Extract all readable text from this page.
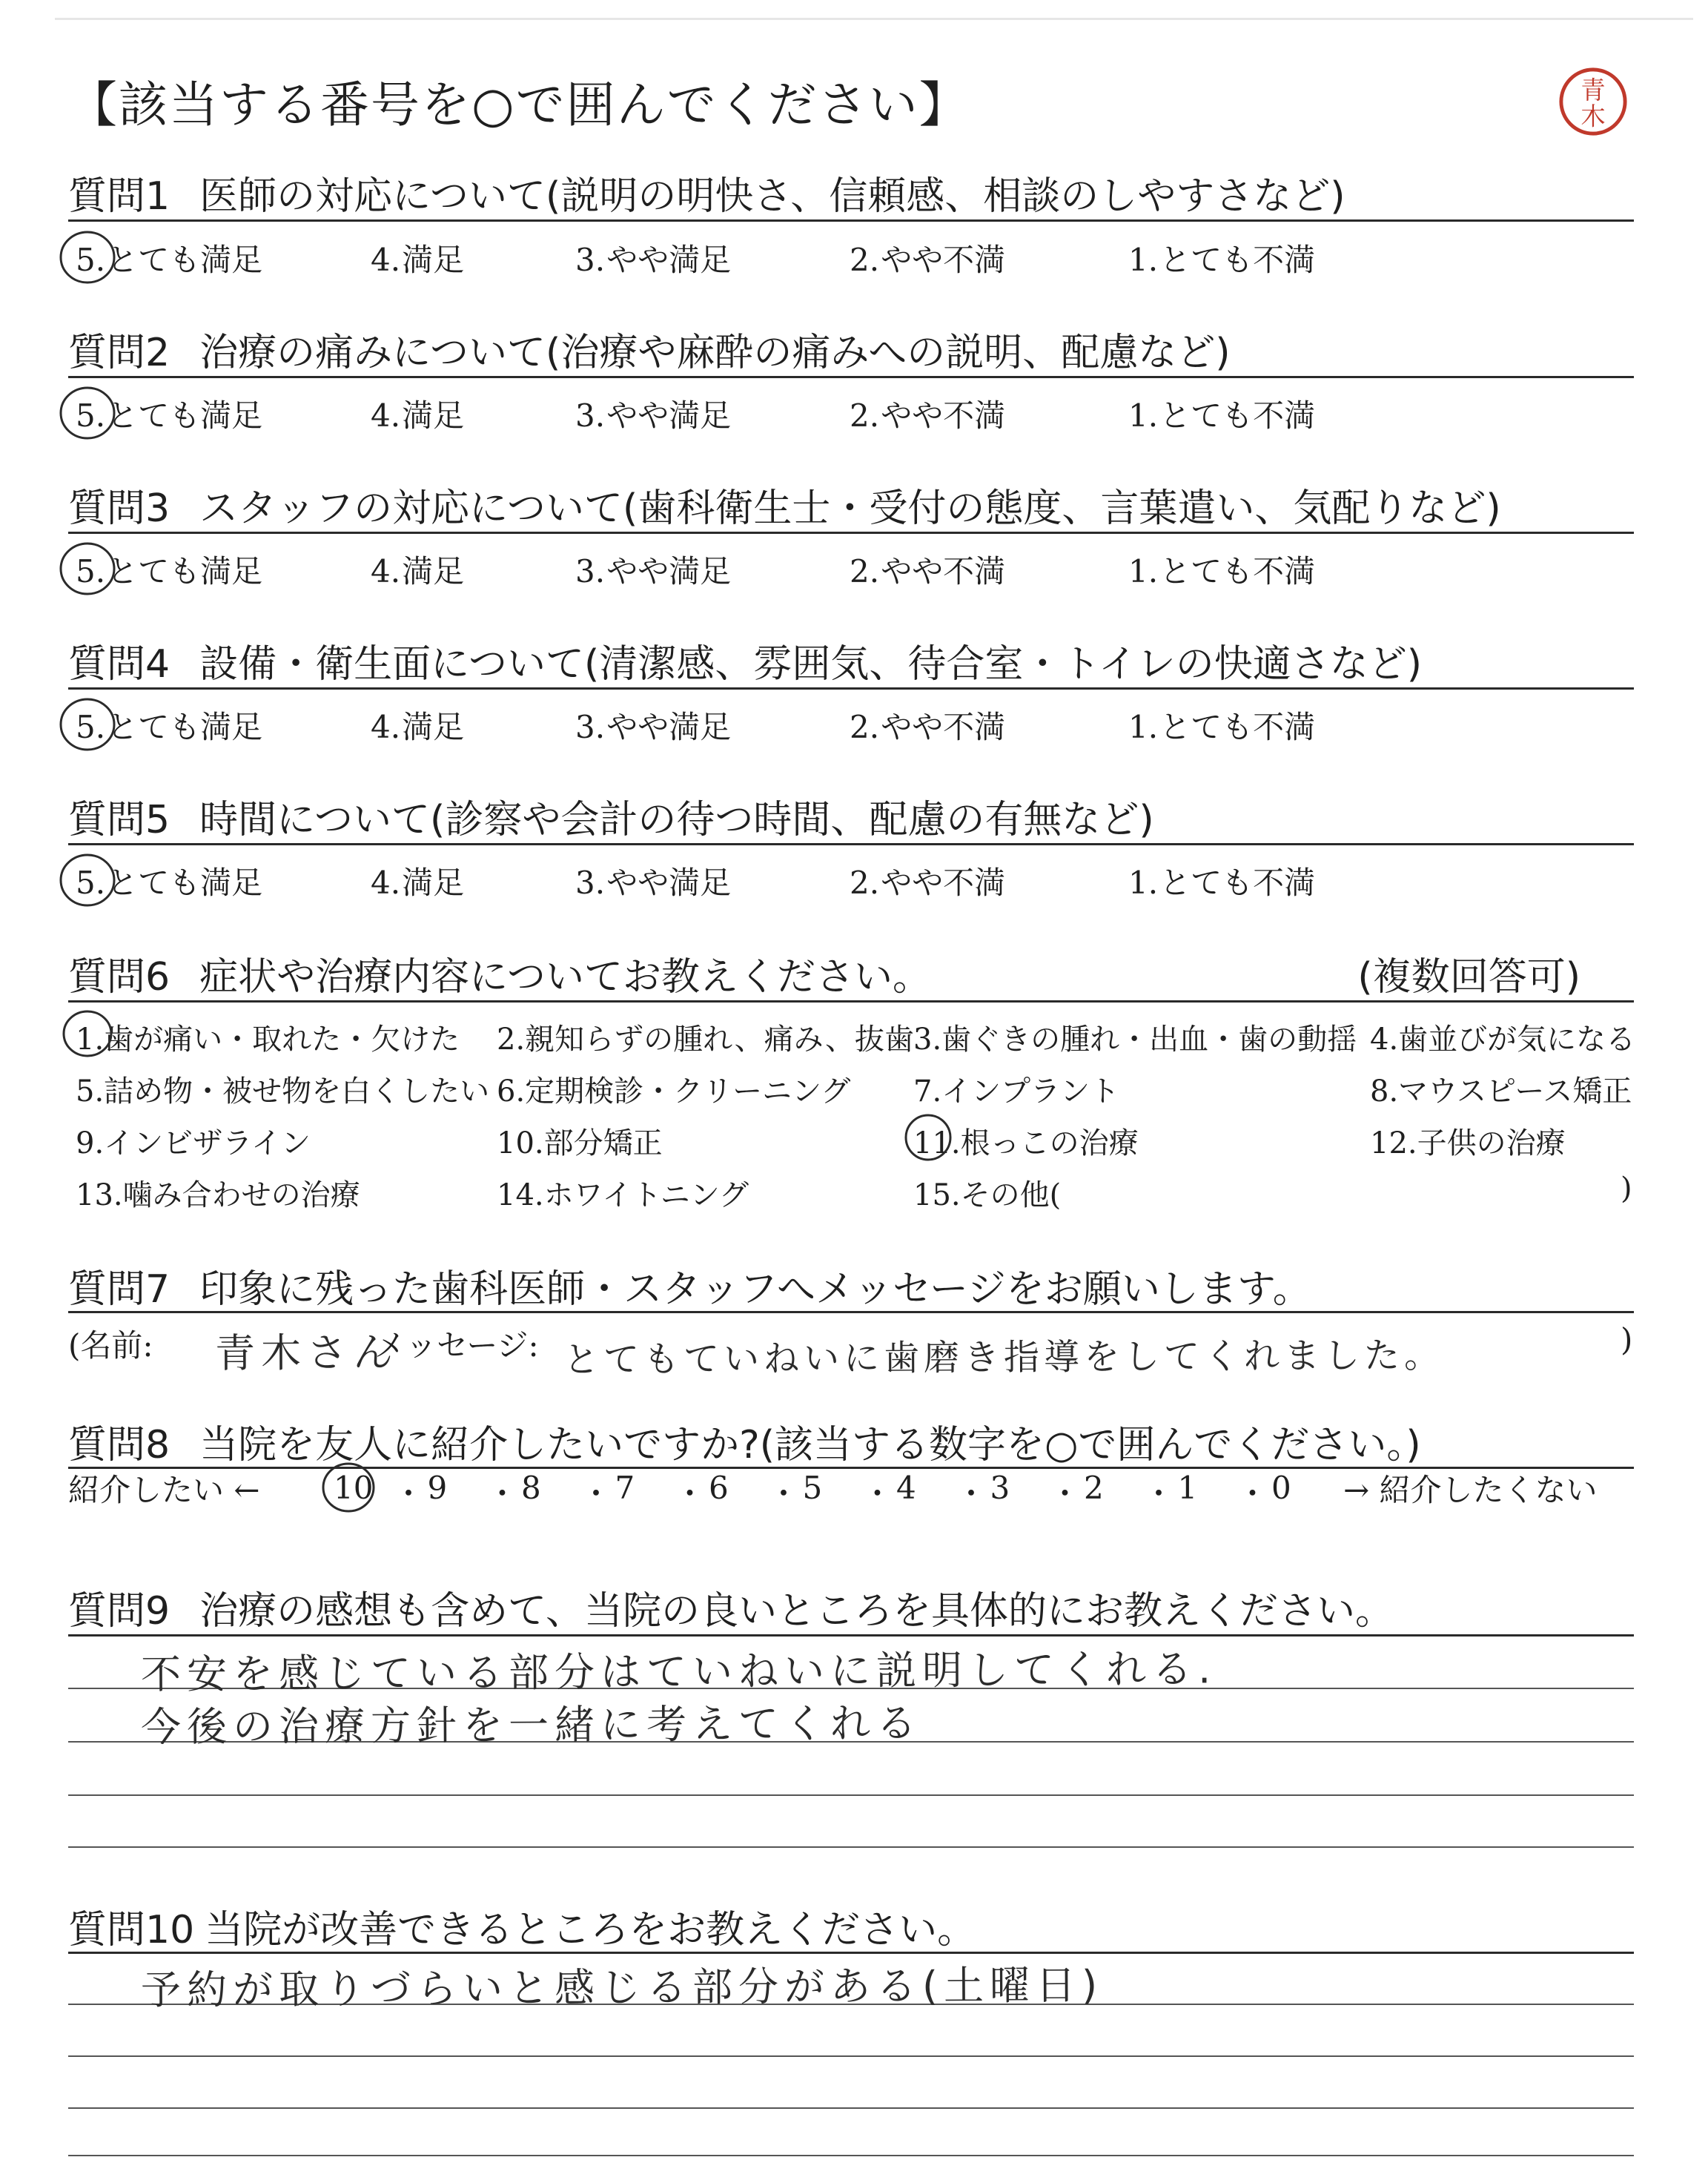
【該当する番号を○で囲んでください】	青
木
質問1 医師の対応について(説明の明快さ、信頼感、相談のしやすさなど)
質問2 治療の痛みについて(治療や麻酔の痛みへの説明、配慮など)
質問3 スタッフの対応について(歯科衛生士・受付の態度、言葉遣い、気配りなど)
質問4 設備・衛生面について(清潔感、雰囲気、待合室・トイレの快適さなど)
質問5 時間について(診察や会計の待つ時間、配慮の有無など)
5.とても満足	4.満足	3.やや満足	2.やや不満	1.とても不満
5.とても満足	4.満足	3.やや満足	2.やや不満	1.とても不満
5.とても満足	4.満足	3.やや満足	2.やや不満	1.とても不満
5.とても満足	4.満足	3.やや満足	2.やや不満	1.とても不満
5.とても満足	4.満足	3.やや満足	2.やや不満	1.とても不満
質問6 症状や治療内容についてお教えください。	(複数回答可)
1.歯が痛い・取れた・欠けた 2.親知らずの腫れ、痛み、抜歯 3.歯ぐきの腫れ・出血・歯の動揺 4.歯並びが気になる
5.詰め物・被せ物を白くしたい 6.定期検診・クリーニング 7.インプラント	8.マウスピース矯正
9.インビザライン	10.部分矯正	11.根っこの治療	12.子供の治療
13.噛み合わせの治療	14.ホワイトニング	15.その他(	)
質問7 印象に残った歯科医師・スタッフへメッセージをお願いします。
(名前: 青木さん
メッセージ: とてもていねいに歯磨き指導をしてくれました。	)
質問8 当院を友人に紹介したいですか?(該当する数字を○で囲んでください。)
紹介したい ←	→ 紹介したくない
10 ・ 9 ・ 8 ・ 7 ・ 6 ・ 5 ・ 4 ・ 3 ・ 2 ・ 1 ・ 0
質問9 治療の感想も含めて、当院の良いところを具体的にお教えください。
不安を感じている部分はていねいに説明してくれる.
今後の治療方針を一緒に考えてくれる
質問10 当院が改善できるところをお教えください。
予約が取りづらいと感じる部分がある(土曜日)
